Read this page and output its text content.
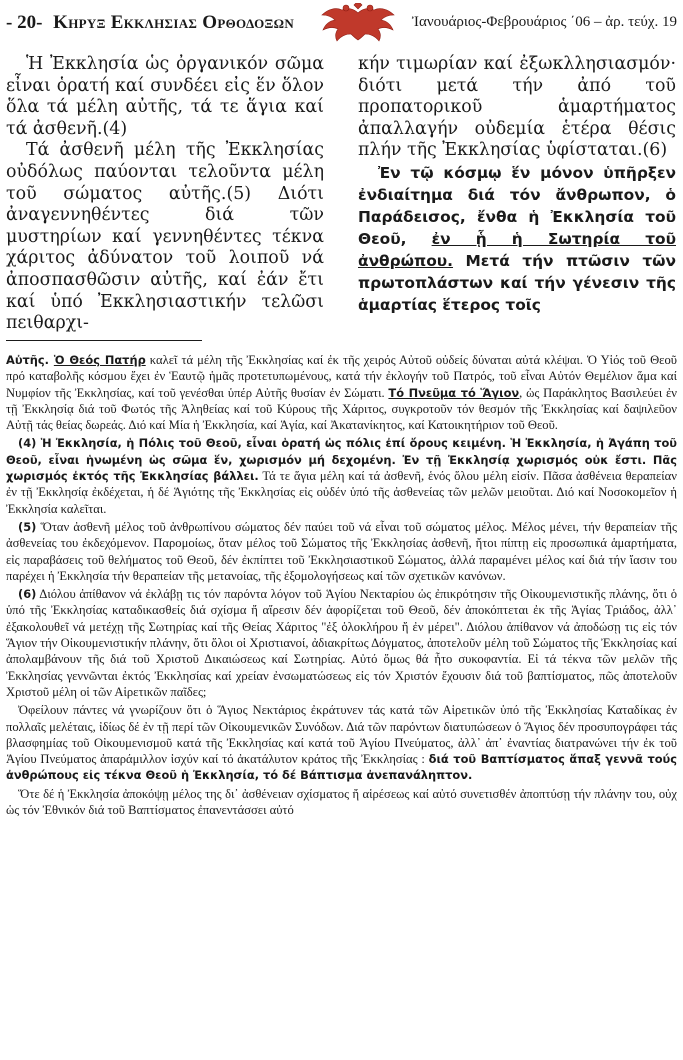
- 20- Κηρυξ Εκκλησιας Ορθοδοξων	Ἰανουάριος-Φεβρουάριος ΄06 – ἀρ. τεύχ. 19

Ἡ Ἐκκλησία ὡς ὀργανικόν σῶμα εἶναι ὁρατή καί συνδέει εἰς ἕν ὅλον ὅλα τά μέλη αὐτῆς, τά τε ἅγια καί τά ἀσθενῆ.(4)

Τά ἀσθενῆ μέλη τῆς Ἐκκλησίας οὐδόλως παύονται τελοῦντα μέλη τοῦ σώματος αὐτῆς.(5) Διότι ἀναγεννηθέντες διά τῶν μυστηρίων καί γεννηθέντες τέκνα χάριτος ἀδύνατον τοῦ λοιποῦ νά ἀποσπασθῶσιν αὐτῆς, καί ἐάν ἔτι καί ὑπό Ἐκκλησιαστικήν τελῶσι πειθαρχι-

κήν τιμωρίαν καί ἐξωκλλησιασμόν· διότι μετά τήν ἀπό τοῦ προπατορικοῦ ἁμαρτήματος ἀπαλλαγήν οὐδεμία ἑτέρα θέσις πλήν τῆς Ἐκκλησίας ὑφίσταται.(6)

Ἐν τῷ κόσμῳ ἕν μόνον ὑπῆρξεν ἐνδιαίτημα διά τόν ἄνθρωπον, ὁ Παράδεισος, ἔνθα ἡ Ἐκκλησία τοῦ Θεοῦ, ἐν ᾗ ἡ Σωτηρία τοῦ ἀνθρώπου. Μετά τήν πτῶσιν τῶν πρωτοπλάστων καί τήν γένεσιν τῆς ἁμαρτίας ἕτερος τοῖς

Αὐτῆς. Ὁ Θεός Πατήρ καλεῖ τά μέλη τῆς Ἐκκλησίας καί ἐκ τῆς χειρός Αὐτοῦ οὐδείς δύναται αὐτά κλέψαι. Ὁ Υἱός τοῦ Θεοῦ πρό καταβολῆς κόσμου ἔχει ἐν Ἑαυτῷ ἡμᾶς προτετυπωμένους, κατά τήν ἐκλογήν τοῦ Πατρός, τοῦ εἶναι Αὐτόν Θεμέλιον ἅμα καί Νυμφίον τῆς Ἐκκλησίας, καί τοῦ γενέσθαι ὑπέρ Αὐτῆς θυσίαν ἐν Σώματι. Τό Πνεῦμα τό Ἅγιον, ὡς Παράκλητος Βασιλεύει ἐν τῇ Ἐκκλησίᾳ διά τοῦ Φωτός τῆς Ἀληθείας καί τοῦ Κύρους τῆς Χάριτος, συγκροτοῦν τόν θεσμόν τῆς Ἐκκλησίας καί δαψιλεῦον Αὐτῇ τάς θείας δωρεάς. Διό καί Μία ἡ Ἐκκλησία, καί Ἁγία, καί Ἀκατανίκητος, καί Κατοικητήριον τοῦ Θεοῦ.

(4) Ἡ Ἐκκλησία, ἡ Πόλις τοῦ Θεοῦ, εἶναι ὁρατή ὡς πόλις ἐπί ὄρους κειμένη. Ἡ Ἐκκλησία, ἡ Ἀγάπη τοῦ Θεοῦ, εἶναι ἡνωμένη ὡς σῶμα ἕν, χωρισμόν μή δεχομένη. Ἐν τῇ Ἐκκλησίᾳ χωρισμός οὐκ ἔστι. Πᾶς χωρισμός ἐκτός τῆς Ἐκκλησίας βάλλει. Τά τε ἅγια μέλη καί τά ἀσθενῆ, ἑνός ὅλου μέλη εἰσίν. Πᾶσα ἀσθένεια θεραπείαν ἐν τῇ Ἐκκλησίᾳ ἐκδέχεται, ἡ δέ Ἁγιότης τῆς Ἐκκλησίας εἰς οὐδέν ὑπό τῆς ἀσθενείας τῶν μελῶν μειοῦται. Διό καί Νοσοκομεῖον ἡ Ἐκκλησία καλεῖται.

(5) Ὅταν ἀσθενῆ μέλος τοῦ ἀνθρωπίνου σώματος δέν παύει τοῦ νά εἶναι τοῦ σώματος μέλος. Μέλος μένει, τήν θεραπείαν τῆς ἀσθενείας του ἐκδεχόμενον. Παρομοίως, ὅταν μέλος τοῦ Σώματος τῆς Ἐκκλησίας ἀσθενῆ, ἤτοι πίπτῃ εἰς προσωπικά ἁμαρτήματα, εἰς παραβάσεις τοῦ θελήματος τοῦ Θεοῦ, δέν ἐκπίπτει τοῦ Ἐκκλησιαστικοῦ Σώματος, ἀλλά παραμένει μέλος καί διά τήν ἴασιν του παρέχει ἡ Ἐκκλησία τήν θεραπείαν τῆς μετανοίας, τῆς ἐξομολογήσεως καί τῶν σχετικῶν κανόνων.

(6) Διόλου ἀπίθανον νά ἐκλάβῃ τις τόν παρόντα λόγον τοῦ Ἁγίου Νεκταρίου ὡς ἐπικρότησιν τῆς Οἰκουμενιστικῆς πλάνης, ὅτι ὁ ὑπό τῆς Ἐκκλησίας καταδικασθείς διά σχίσμα ἤ αἵρεσιν δέν ἀφορίζεται τοῦ Θεοῦ, δέν ἀποκόπτεται ἐκ τῆς Ἁγίας Τριάδος, ἀλλ᾽ ἐξακολουθεῖ νά μετέχῃ τῆς Σωτηρίας καί τῆς Θείας Χάριτος "ἐξ ὁλοκλήρου ἤ ἐν μέρει". Διόλου ἀπίθανον νά ἀποδώσῃ τις εἰς τόν Ἅγιον τήν Οἰκουμενιστικήν πλάνην, ὅτι ὅλοι οἱ Χριστιανοί, ἀδιακρίτως Δόγματος, ἀποτελοῦν μέλη τοῦ Σώματος τῆς Ἐκκλησίας καί ἀπολαμβάνουν τῆς διά τοῦ Χριστοῦ Δικαιώσεως καί Σωτηρίας. Αὐτό ὅμως θά ἦτο συκοφαντία. Εἰ τά τέκνα τῶν μελῶν τῆς Ἐκκλησίας γεννῶνται ἐκτός Ἐκκλησίας καί χρείαν ἐνσωματώσεως εἰς τόν Χριστόν ἔχουσιν διά τοῦ βαπτίσματος, πῶς ἀποτελοῦν Χριστοῦ μέλη οἱ τῶν Αἱρετικῶν παῖδες;

Ὀφείλουν πάντες νά γνωρίζουν ὅτι ὁ Ἅγιος Νεκτάριος ἐκράτυνεν τάς κατά τῶν Αἱρετικῶν ὑπό τῆς Ἐκκλησίας Καταδίκας ἐν πολλαῖς μελέταις, ἰδίως δέ ἐν τῇ περί τῶν Οἰκουμενικῶν Συνόδων. Διά τῶν παρόντων διατυπώσεων ὁ Ἅγιος δέν προσυπογράφει τάς βλασφημίας τοῦ Οἰκουμενισμοῦ κατά τῆς Ἐκκλησίας καί κατά τοῦ Ἁγίου Πνεύματος, ἀλλ᾽ ἀπ᾽ ἐναντίας διατρανώνει τήν ἐκ τοῦ Ἁγίου Πνεύματος ἀπαράμιλλον ἰσχύν καί τό ἀκατάλυτον κράτος τῆς Ἐκκλησίας : διά τοῦ Βαπτίσματος ἅπαξ γεννᾶ τούς ἀνθρώπους εἰς τέκνα Θεοῦ ἡ Ἐκκλησία, τό δέ Βάπτισμα ἀνεπανάληπτον.

Ὅτε δέ ἡ Ἐκκλησία ἀποκόψῃ μέλος της δι᾽ ἀσθένειαν σχίσματος ἤ αἱρέσεως καί αὐτό συνετισθέν ἀποπτύσῃ τήν πλάνην του, οὐχ ὡς τόν Ἐθνικόν διά τοῦ Βαπτίσματος ἐπανεντάσσει αὐτό
